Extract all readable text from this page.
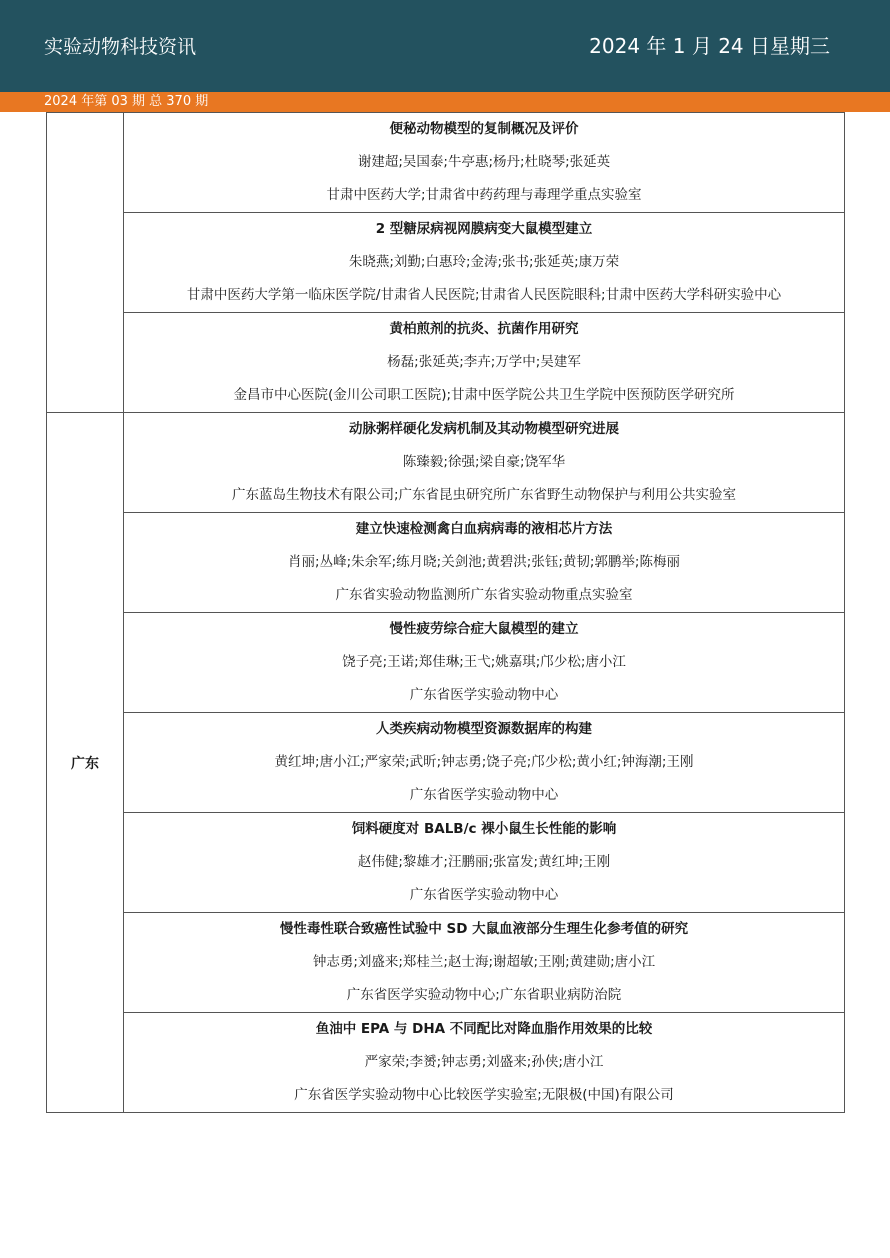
实验动物科技资讯	2024 年 1 月 24 日星期三
2024 年第 03 期 总 370 期

	便秘动物模型的复制概况及评价
谢建超;吴国泰;牛亭惠;杨丹;杜晓琴;张延英
甘肃中医药大学;甘肃省中药药理与毒理学重点实验室

	2 型糖尿病视网膜病变大鼠模型建立
朱晓燕;刘勤;白惠玲;金涛;张书;张延英;康万荣
甘肃中医药大学第一临床医学院/甘肃省人民医院;甘肃省人民医院眼科;甘肃中医药大学科研实验中心

	黄柏煎剂的抗炎、抗菌作用研究
杨磊;张延英;李卉;万学中;吴建军
金昌市中心医院(金川公司职工医院);甘肃中医学院公共卫生学院中医预防医学研究所

广东	动脉粥样硬化发病机制及其动物模型研究进展
陈臻毅;徐强;梁自豪;饶军华
广东蓝岛生物技术有限公司;广东省昆虫研究所广东省野生动物保护与利用公共实验室

	建立快速检测禽白血病病毒的液相芯片方法
肖丽;丛峰;朱余军;练月晓;关剑池;黄碧洪;张钰;黄韧;郭鹏举;陈梅丽
广东省实验动物监测所广东省实验动物重点实验室

	慢性疲劳综合症大鼠模型的建立
饶子亮;王诺;郑佳琳;王弋;姚嘉琪;邝少松;唐小江
广东省医学实验动物中心

	人类疾病动物模型资源数据库的构建
黄红坤;唐小江;严家荣;武昕;钟志勇;饶子亮;邝少松;黄小红;钟海潮;王刚
广东省医学实验动物中心

	饲料硬度对 BALB/c 裸小鼠生长性能的影响
赵伟健;黎雄才;汪鹏丽;张富发;黄红坤;王刚
广东省医学实验动物中心

	慢性毒性联合致癌性试验中 SD 大鼠血液部分生理生化参考值的研究
钟志勇;刘盛来;郑桂兰;赵士海;谢超敏;王刚;黄建勋;唐小江
广东省医学实验动物中心;广东省职业病防治院

	鱼油中 EPA 与 DHA 不同配比对降血脂作用效果的比较
严家荣;李赟;钟志勇;刘盛来;孙侠;唐小江
广东省医学实验动物中心比较医学实验室;无限极(中国)有限公司
